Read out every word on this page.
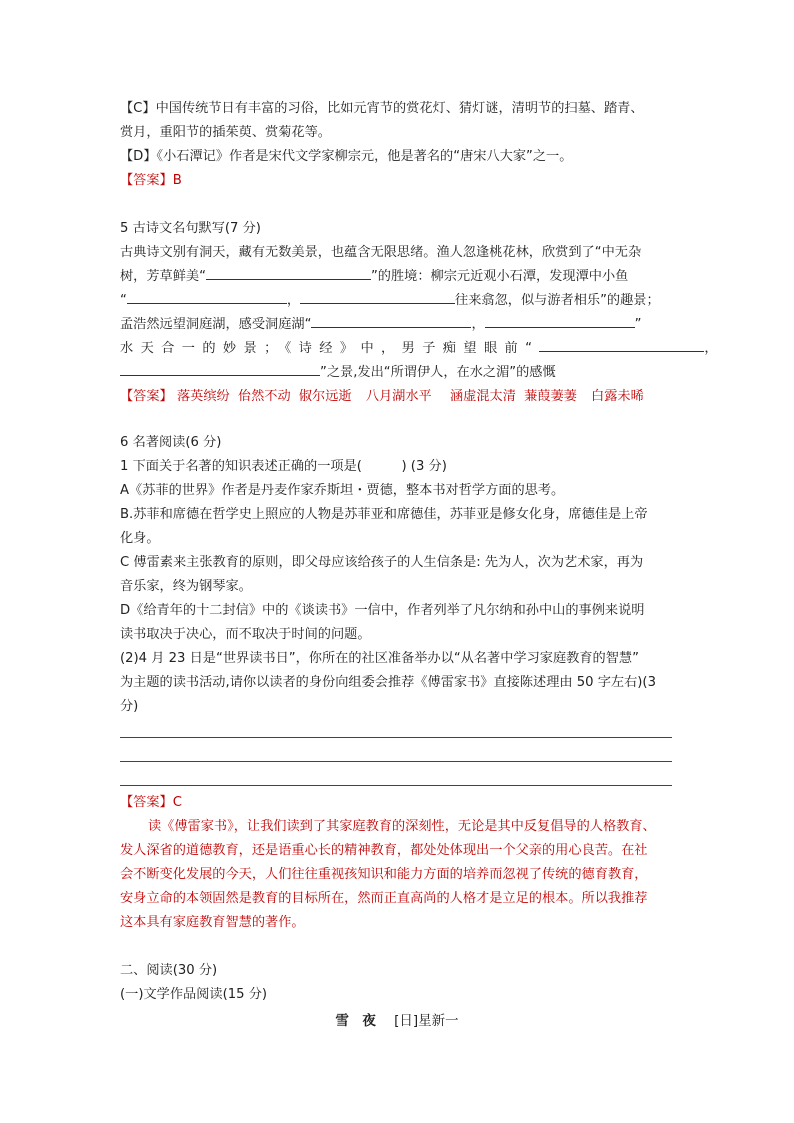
【C】中国传统节日有丰富的习俗，比如元宵节的赏花灯、猜灯谜，清明节的扫墓、踏青、
赏月，重阳节的插茱萸、赏菊花等。
【D】《小石潭记》作者是宋代文学家柳宗元，他是著名的“唐宋八大家”之一。
【答案】B
5 古诗文名句默写(7 分)
古典诗文别有洞天，藏有无数美景，也蕴含无限思绪。渔人忽逢桃花林，欣赏到了“中无杂
树，芳草鲜美“	”的胜境：柳宗元近观小石潭，发现潭中小鱼
“	，	往来翕忽，似与游者相乐”的趣景；
孟浩然远望洞庭湖，感受洞庭湖“	，	”
水天合一的妙景；《诗经》中，男子痴望眼前“	，
”之景,发出“所谓伊人，在水之湄”的感慨
【答案】 落英缤纷 佁然不动 俶尔远逝 八月湖水平 涵虚混太清 蒹葭萋萋 白露未晞
6 名著阅读(6 分)
1 下面关于名著的知识表述正确的一项是(　　　) (3 分)
A《苏菲的世界》作者是丹麦作家乔斯坦・贾德，整本书对哲学方面的思考。
B.苏菲和席德在哲学史上照应的人物是苏菲亚和席德佳，苏菲亚是修女化身，席德佳是上帝
化身。
C 傅雷素来主张教育的原则，即父母应该给孩子的人生信条是: 先为人，次为艺术家，再为
音乐家，终为钢琴家。
D《给青年的十二封信》中的《谈读书》一信中，作者列举了凡尔纳和孙中山的事例来说明
读书取决于决心，而不取决于时间的问题。
(2)4 月 23 日是“世界读书日”，你所在的社区准备举办以“从名著中学习家庭教育的智慧”
为主题的读书活动,请你以读者的身份向组委会推荐《傅雷家书》直接陈述理由 50 字左右)(3
分)
【答案】C
读《傅雷家书》，让我们读到了其家庭教育的深刻性，无论是其中反复倡导的人格教育、
发人深省的道德教育，还是语重心长的精神教育，都处处体现出一个父亲的用心良苦。在社
会不断变化发展的今天，人们往往重视孩知识和能力方面的培养而忽视了传统的德育教育，
安身立命的本领固然是教育的目标所在，然而正直高尚的人格才是立足的根本。所以我推荐
这本具有家庭教育智慧的著作。
二、阅读(30 分)
(一)文学作品阅读(15 分)
雪　夜 [日]星新一
